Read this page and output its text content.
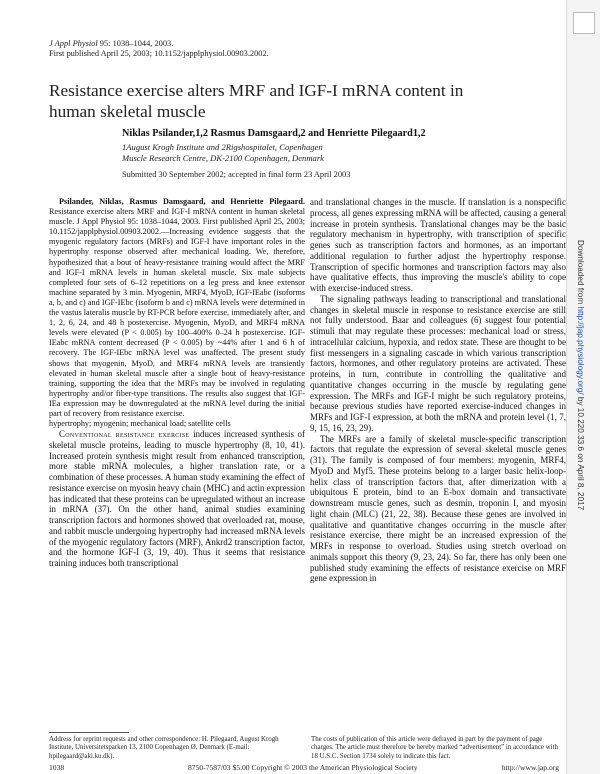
Downloaded from http://jap.physiology.org/ by 10.220.33.6 on April 8, 2017
J Appl Physiol 95: 1038–1044, 2003.
First published April 25, 2003; 10.1152/japplphysiol.00903.2002.
Resistance exercise alters MRF and IGF-I mRNA content in human skeletal muscle
Niklas Psilander,1,2 Rasmus Damsgaard,2 and Henriette Pilegaard1,2
1August Krogh Institute and 2Rigshospitalet, Copenhagen
Muscle Research Centre, DK-2100 Copenhagen, Denmark
Submitted 30 September 2002; accepted in final form 23 April 2003

Psilander, Niklas, Rasmus Damsgaard, and Henriette Pilegaard. Resistance exercise alters MRF and IGF-I mRNA content in human skeletal muscle. J Appl Physiol 95: 1038–1044, 2003. First published April 25, 2003; 10.1152/japplphysiol.00903.2002.—Increasing evidence suggests that the myogenic regulatory factors (MRFs) and IGF-I have important roles in the hypertrophy response observed after mechanical loading. We, therefore, hypothesized that a bout of heavy-resistance training would affect the MRF and IGF-I mRNA levels in human skeletal muscle. Six male subjects completed four sets of 6–12 repetitions on a leg press and knee extensor machine separated by 3 min. Myogenin, MRF4, MyoD, IGF-IEabc (isoforms a, b, and c) and IGF-IEbc (isoform b and c) mRNA levels were determined in the vastus lateralis muscle by RT-PCR before exercise, immediately after, and 1, 2, 6, 24, and 48 h postexercise. Myogenin, MyoD, and MRF4 mRNA levels were elevated (P < 0.005) by 100–400% 0–24 h postexercise. IGF-IEabc mRNA content decreased (P < 0.005) by ~44% after 1 and 6 h of recovery. The IGF-IEbc mRNA level was unaffected. The present study shows that myogenin, MyoD, and MRF4 mRNA levels are transiently elevated in human skeletal muscle after a single bout of heavy-resistance training, supporting the idea that the MRFs may be involved in regulating hypertrophy and/or fiber-type transitions. The results also suggest that IGF-IEa expression may be downregulated at the mRNA level during the initial part of recovery from resistance exercise.

hypertrophy; myogenin; mechanical load; satellite cells

Conventional resistance exercise induces increased synthesis of skeletal muscle proteins, leading to muscle hypertrophy (8, 10, 41). Increased protein synthesis might result from enhanced transcription, more stable mRNA molecules, a higher translation rate, or a combination of these processes. A human study examining the effect of resistance exercise on myosin heavy chain (MHC) and actin expression has indicated that these proteins can be upregulated without an increase in mRNA (37). On the other hand, animal studies examining transcription factors and hormones showed that overloaded rat, mouse, and rabbit muscle undergoing hypertrophy had increased mRNA levels of the myogenic regulatory factors (MRF), Ankrd2 transcription factor, and the hormone IGF-I (3, 19, 40). Thus it seems that resistance training induces both transcriptional

and translational changes in the muscle. If translation is a nonspecific process, all genes expressing mRNA will be affected, causing a general increase in protein synthesis. Translational changes may be the basic regulatory mechanism in hypertrophy, with transcription of specific genes such as transcription factors and hormones, as an important additional regulation to further adjust the hypertrophy response. Transcription of specific hormones and transcription factors may also have qualitative effects, thus improving the muscle's ability to cope with exercise-induced stress.

The signaling pathways leading to transcriptional and translational changes in skeletal muscle in response to resistance exercise are still not fully understood. Baar and colleagues (6) suggest four potential stimuli that may regulate these processes: mechanical load or stress, intracellular calcium, hypoxia, and redox state. These are thought to be first messengers in a signaling cascade in which various transcription factors, hormones, and other regulatory proteins are activated. These proteins, in turn, contribute in controlling the qualitative and quantitative changes occurring in the muscle by regulating gene expression. The MRFs and IGF-I might be such regulatory proteins, because previous studies have reported exercise-induced changes in MRFs and IGF-I expression, at both the mRNA and protein level (1, 7, 9, 15, 16, 23, 29).

The MRFs are a family of skeletal muscle-specific transcription factors that regulate the expression of several skeletal muscle genes (31). The family is composed of four members: myogenin, MRF4, MyoD and Myf5. These proteins belong to a larger basic helix-loop-helix class of transcription factors that, after dimerization with a ubiquitous E protein, bind to an E-box domain and transactivate downstream muscle genes, such as desmin, troponin I, and myosin light chain (MLC) (21, 22, 38). Because these genes are involved in qualitative and quantitative changes occurring in the muscle after resistance exercise, there might be an increased expression of the MRFs in response to overload. Studies using stretch overload on animals support this theory (9, 23, 24). So far, there has only been one published study examining the effects of resistance exercise on MRF gene expression in

Address for reprint requests and other correspondence: H. Pilegaard, August Krogh Institute, Universitetsparken 13, 2100 Copenhagen Ø, Denmark (E-mail: hpilegaard@aki.ku.dk).
The costs of publication of this article were defrayed in part by the payment of page charges. The article must therefore be hereby marked “advertisement” in accordance with 18 U.S.C. Section 1734 solely to indicate this fact.
1038	8750-7587/03 $5.00 Copyright © 2003 the American Physiological Society	http://www.jap.org
